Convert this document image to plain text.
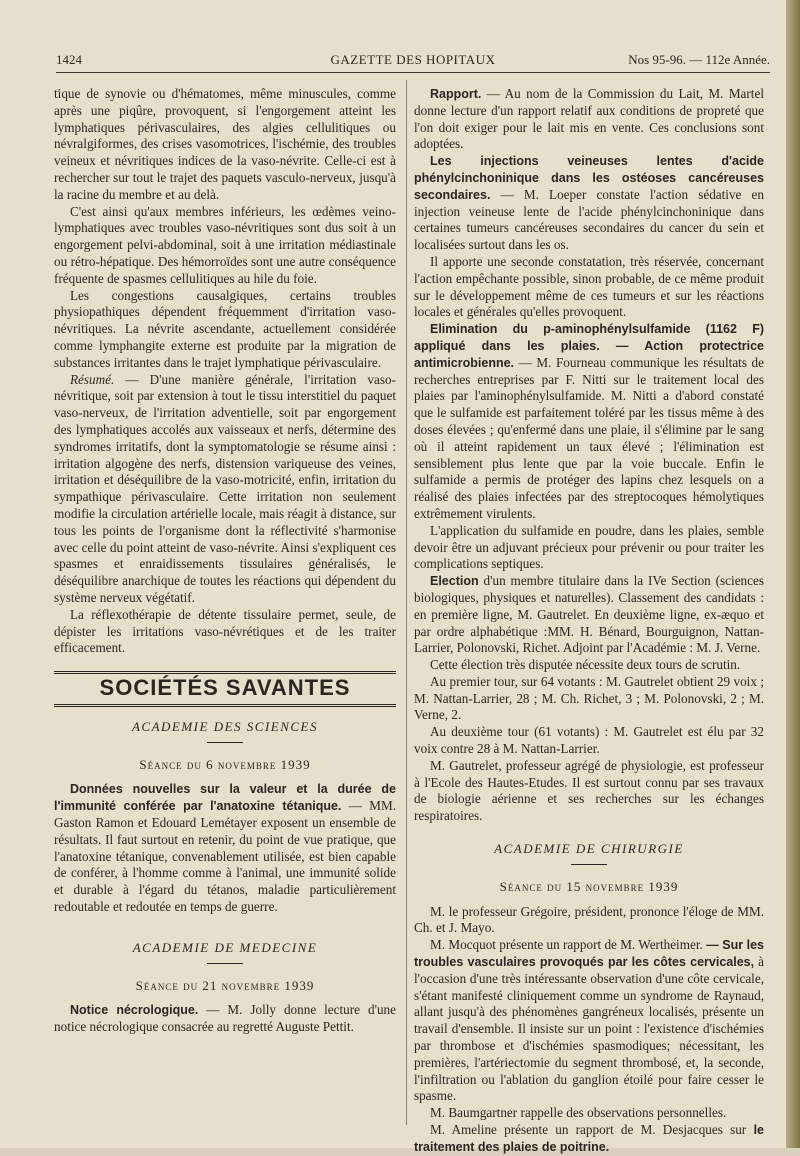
1424	GAZETTE DES HOPITAUX	Nos 95-96. — 112e Année.

tique de synovie ou d'hématomes, même minuscules, comme après une piqûre, provoquent, si l'engorgement atteint les lymphatiques périvasculaires, des algies cellulitiques ou névralgiformes, des crises vasomotrices, l'ischémie, des troubles veineux et névritiques indices de la vaso-névrite. Celle-ci est à rechercher sur tout le trajet des paquets vasculo-nerveux, jusqu'à la racine du membre et au delà.

C'est ainsi qu'aux membres inférieurs, les œdèmes veino-lymphatiques avec troubles vaso-névritiques sont dus soit à un engorgement pelvi-abdominal, soit à une irritation médiastinale ou rétro-hépatique. Des hémorroïdes sont une autre conséquence fréquente de spasmes cellulitiques au hile du foie.

Les congestions causalgiques, certains troubles physiopathiques dépendent fréquemment d'irritation vaso-névritiques. La névrite ascendante, actuellement considérée comme lymphangite externe est produite par la migration de substances irritantes dans le trajet lymphatique périvasculaire.

Résumé. — D'une manière générale, l'irritation vaso-névritique, soit par extension à tout le tissu interstitiel du paquet vaso-nerveux, de l'irritation adventielle, soit par engorgement des lymphatiques accolés aux vaisseaux et nerfs, détermine des syndromes irritatifs, dont la symptomatologie se résume ainsi : irritation algogène des nerfs, distension variqueuse des veines, irritation et déséquilibre de la vaso-motricité, enfin, irritation du sympathique périvasculaire. Cette irritation non seulement modifie la circulation artérielle locale, mais réagit à distance, sur tous les points de l'organisme dont la réflectivité s'harmonise avec celle du point atteint de vaso-névrite. Ainsi s'expliquent ces spasmes et enraidissements tissulaires généralisés, le déséquilibre anarchique de toutes les réactions qui dépendent du système nerveux végétatif.

La réflexothérapie de détente tissulaire permet, seule, de dépister les irritations vaso-névrétiques et de les traiter efficacement.

SOCIÉTÉS SAVANTES
ACADEMIE DES SCIENCES
Séance du 6 novembre 1939

Données nouvelles sur la valeur et la durée de l'immunité conférée par l'anatoxine tétanique. — MM. Gaston Ramon et Edouard Lemétayer exposent un ensemble de résultats. Il faut surtout en retenir, du point de vue pratique, que l'anatoxine tétanique, convenablement utilisée, est bien capable de conférer, à l'homme comme à l'animal, une immunité solide et durable à l'égard du tétanos, maladie particulièrement redoutable et redoutée en temps de guerre.

ACADEMIE DE MEDECINE
Séance du 21 novembre 1939

Notice nécrologique. — M. Jolly donne lecture d'une notice nécrologique consacrée au regretté Auguste Pettit.

Rapport. — Au nom de la Commission du Lait, M. Martel donne lecture d'un rapport relatif aux conditions de propreté que l'on doit exiger pour le lait mis en vente. Ces conclusions sont adoptées.

Les injections veineuses lentes d'acide phénylcinchoninique dans les ostéoses cancéreuses secondaires. — M. Loeper constate l'action sédative en injection veineuse lente de l'acide phénylcinchoninique dans certaines tumeurs cancéreuses secondaires du cancer du sein et localisées surtout dans les os.

Il apporte une seconde constatation, très réservée, concernant l'action empêchante possible, sinon probable, de ce même produit sur le développement même de ces tumeurs et sur les réactions locales et générales qu'elles provoquent.

Elimination du p-aminophénylsulfamide (1162 F) appliqué dans les plaies. — Action protectrice antimicrobienne. — M. Fourneau communique les résultats de recherches entreprises par F. Nitti sur le traitement local des plaies par l'aminophénylsulfamide. M. Nitti a d'abord constaté que le sulfamide est parfaitement toléré par les tissus même à des doses élevées ; qu'enfermé dans une plaie, il s'élimine par le sang où il atteint rapidement un taux élevé ; l'élimination est sensiblement plus lente que par la voie buccale. Enfin le sulfamide a permis de protéger des lapins chez lesquels on a réalisé des plaies infectées par des streptocoques hémolytiques extrêmement virulents.

L'application du sulfamide en poudre, dans les plaies, semble devoir être un adjuvant précieux pour prévenir ou pour traiter les complications septiques.

Election d'un membre titulaire dans la IVe Section (sciences biologiques, physiques et naturelles). Classement des candidats : en première ligne, M. Gautrelet. En deuxième ligne, ex-æquo et par ordre alphabétique :MM. H. Bénard, Bourguignon, Nattan-Larrier, Polonovski, Richet. Adjoint par l'Académie : M. J. Verne.

Cette élection très disputée nécessite deux tours de scrutin.

Au premier tour, sur 64 votants : M. Gautrelet obtient 29 voix ; M. Nattan-Larrier, 28 ; M. Ch. Richet, 3 ; M. Polonovski, 2 ; M. Verne, 2.

Au deuxième tour (61 votants) : M. Gautrelet est élu par 32 voix contre 28 à M. Nattan-Larrier.

M. Gautrelet, professeur agrégé de physiologie, est professeur à l'Ecole des Hautes-Etudes. Il est surtout connu par ses travaux de biologie aérienne et ses recherches sur les échanges respiratoires.

ACADEMIE DE CHIRURGIE
Séance du 15 novembre 1939

M. le professeur Grégoire, président, prononce l'éloge de MM. Ch. et J. Mayo.

M. Mocquot présente un rapport de M. Wertheimer. — Sur les troubles vasculaires provoqués par les côtes cervicales, à l'occasion d'une très intéressante observation d'une côte cervicale, s'étant manifesté cliniquement comme un syndrome de Raynaud, allant jusqu'à des phénomènes gangréneux localisés, présente un travail d'ensemble. Il insiste sur un point : l'existence d'ischémies par thrombose et d'ischémies spasmodiques; nécessitant, les premières, l'artériectomie du segment thrombosé, et, la seconde, l'infiltration ou l'ablation du ganglion étoilé pour faire cesser le spasme.

M. Baumgartner rappelle des observations personnelles.

M. Ameline présente un rapport de M. Desjacques sur le traitement des plaies de poitrine.
